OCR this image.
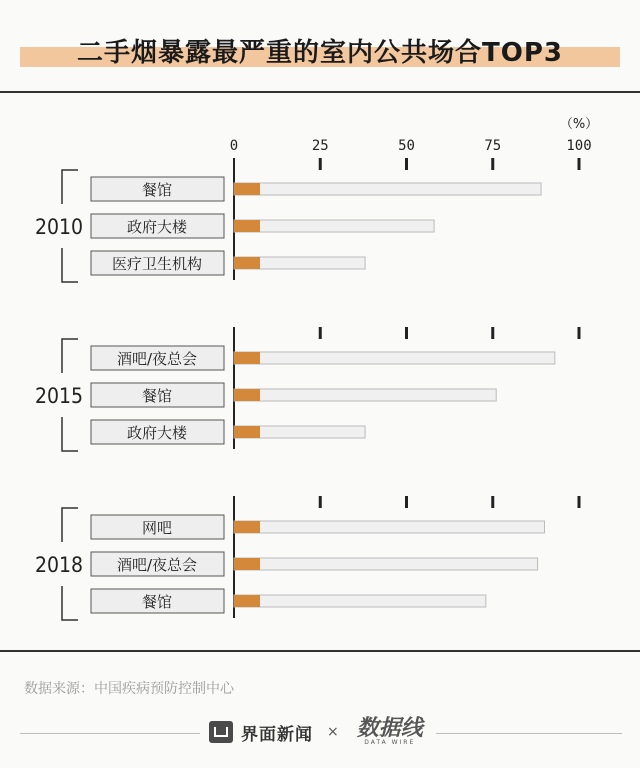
二手烟暴露最严重的室内公共场合TOP3
（%）
0	25	50	75	100
2010
餐馆
政府大楼
医疗卫生机构
2015
酒吧/夜总会
餐馆
政府大楼
2018
网吧
酒吧/夜总会
餐馆
数据来源：中国疾病预防控制中心
界面新闻 × 数据线
DATA WIRE
